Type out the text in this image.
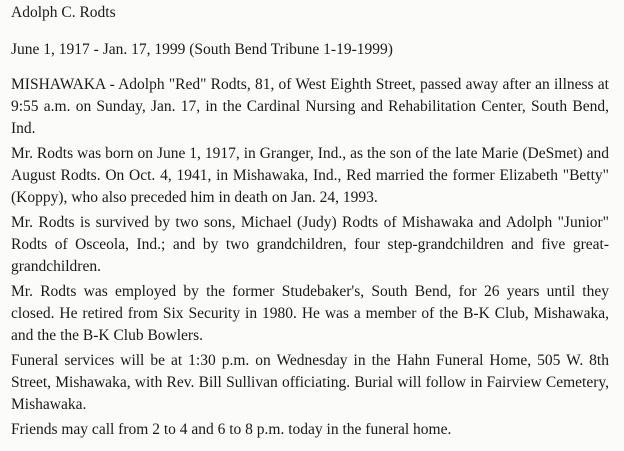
Adolph C. Rodts
June 1, 1917 - Jan. 17, 1999 (South Bend Tribune 1-19-1999)

MISHAWAKA - Adolph "Red" Rodts, 81, of West Eighth Street, passed away after an illness at 9:55 a.m. on Sunday, Jan. 17, in the Cardinal Nursing and Rehabilitation Center, South Bend, Ind.

Mr. Rodts was born on June 1, 1917, in Granger, Ind., as the son of the late Marie (DeSmet) and August Rodts. On Oct. 4, 1941, in Mishawaka, Ind., Red married the former Elizabeth "Betty" (Koppy), who also preceded him in death on Jan. 24, 1993.

Mr. Rodts is survived by two sons, Michael (Judy) Rodts of Mishawaka and Adolph "Junior" Rodts of Osceola, Ind.; and by two grandchildren, four step-grandchildren and five great-grandchildren.

Mr. Rodts was employed by the former Studebaker's, South Bend, for 26 years until they closed. He retired from Six Security in 1980. He was a member of the B-K Club, Mishawaka, and the the B-K Club Bowlers.

Funeral services will be at 1:30 p.m. on Wednesday in the Hahn Funeral Home, 505 W. 8th Street, Mishawaka, with Rev. Bill Sullivan officiating. Burial will follow in Fairview Cemetery, Mishawaka.

Friends may call from 2 to 4 and 6 to 8 p.m. today in the funeral home.
